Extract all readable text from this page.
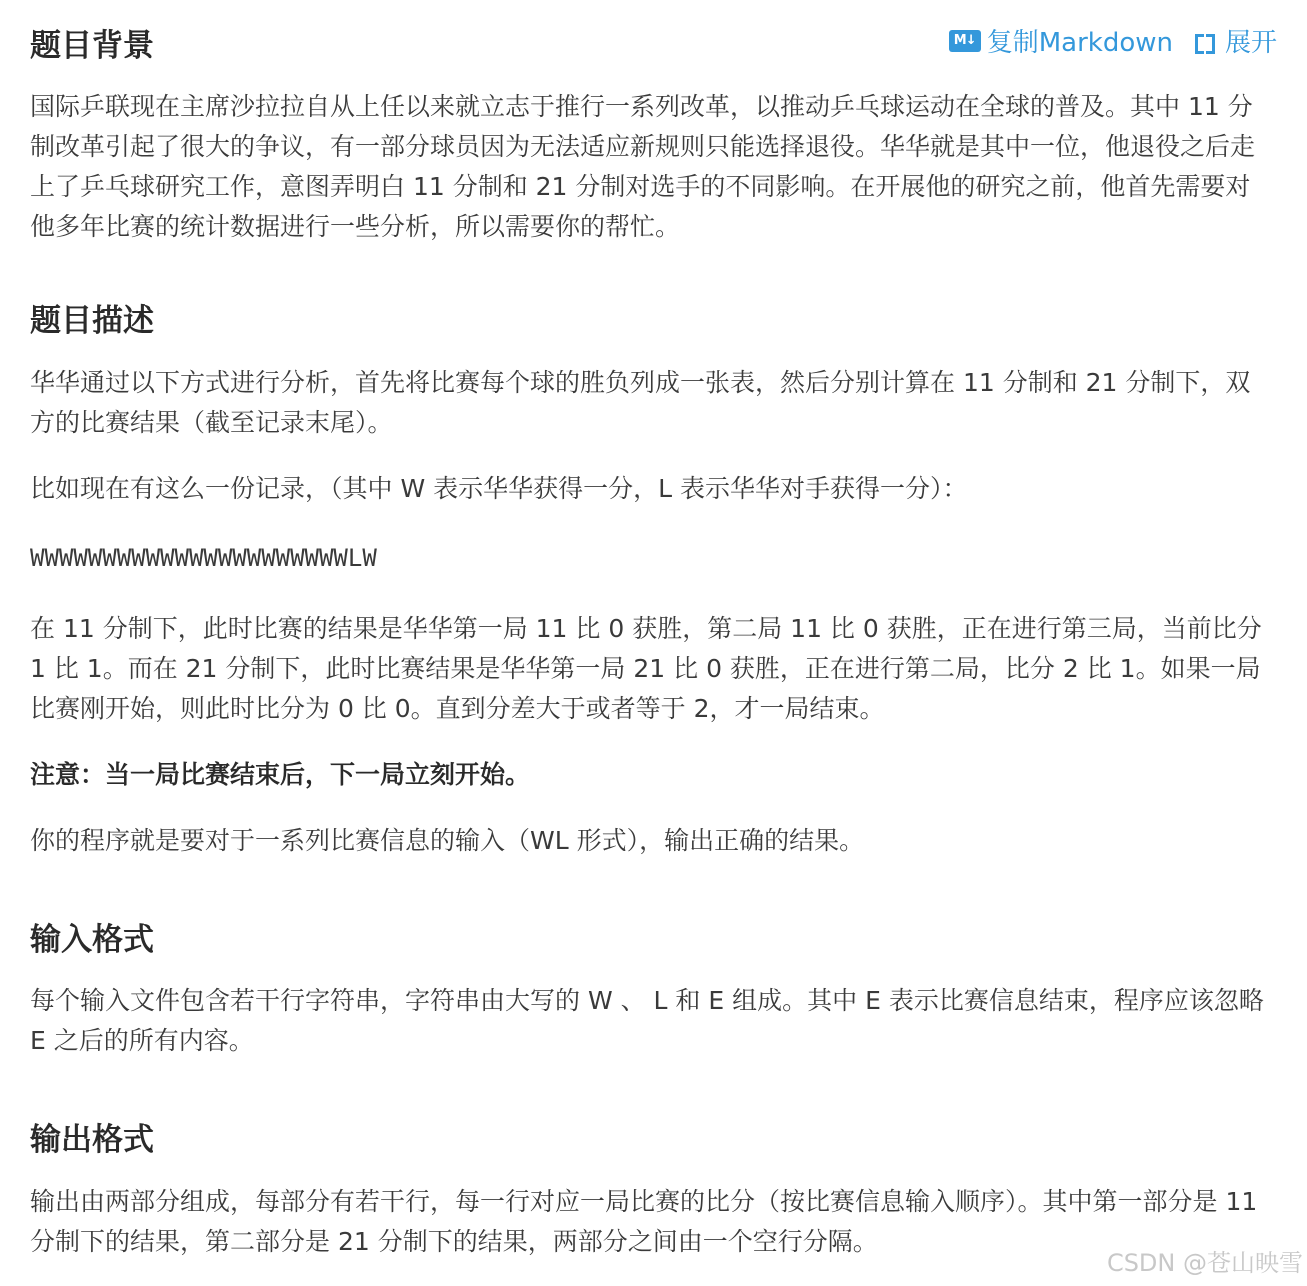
M↓ 复制Markdown 展开
题目背景

国际乒联现在主席沙拉拉自从上任以来就立志于推行一系列改革，以推动乒乓球运动在全球的普及。其中 11 分制改革引起了很大的争议，有一部分球员因为无法适应新规则只能选择退役。华华就是其中一位，他退役之后走上了乒乓球研究工作，意图弄明白 11 分制和 21 分制对选手的不同影响。在开展他的研究之前，他首先需要对他多年比赛的统计数据进行一些分析，所以需要你的帮忙。

题目描述

华华通过以下方式进行分析，首先将比赛每个球的胜负列成一张表，然后分别计算在 11 分制和 21 分制下，双方的比赛结果（截至记录末尾）。

比如现在有这么一份记录，（其中 W 表示华华获得一分，L 表示华华对手获得一分）：

WWWWWWWWWWWWWWWWWWWWWWLW

在 11 分制下，此时比赛的结果是华华第一局 11 比 0 获胜，第二局 11 比 0 获胜，正在进行第三局，当前比分 1 比 1。而在 21 分制下，此时比赛结果是华华第一局 21 比 0 获胜，正在进行第二局，比分 2 比 1。如果一局比赛刚开始，则此时比分为 0 比 0。直到分差大于或者等于 2，才一局结束。

注意：当一局比赛结束后，下一局立刻开始。

你的程序就是要对于一系列比赛信息的输入（WL 形式），输出正确的结果。

输入格式

每个输入文件包含若干行字符串，字符串由大写的 W 、 L 和 E 组成。其中 E 表示比赛信息结束，程序应该忽略 E 之后的所有内容。

输出格式

输出由两部分组成，每部分有若干行，每一行对应一局比赛的比分（按比赛信息输入顺序）。其中第一部分是 11 分制下的结果，第二部分是 21 分制下的结果，两部分之间由一个空行分隔。

CSDN @苍山映雪
